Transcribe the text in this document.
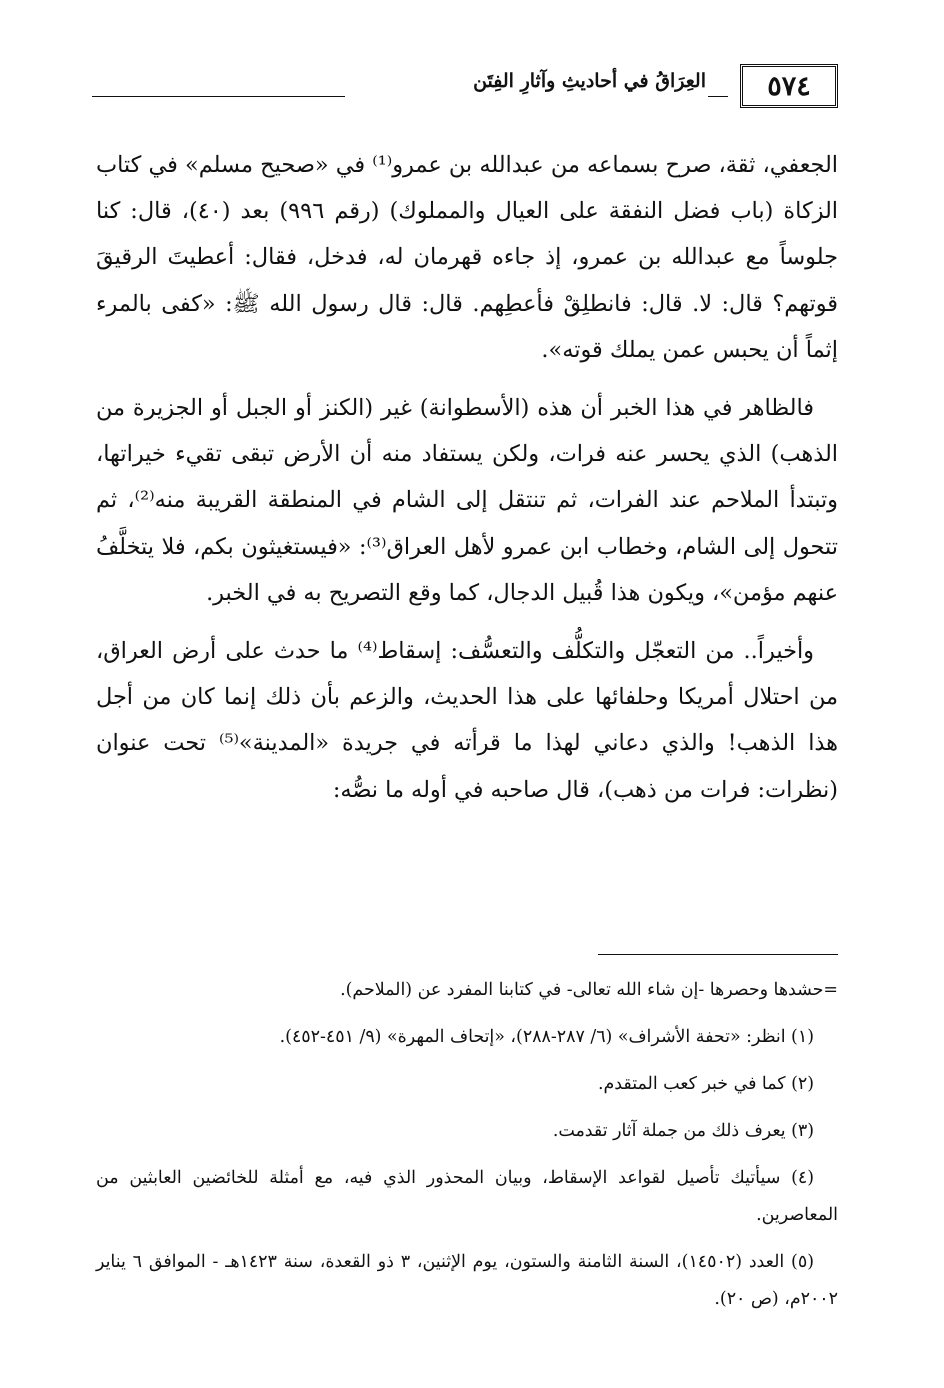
٥٧٤
العِرَاقُ في أحاديثِ وآثارِ الفِتَن

الجعفي، ثقة، صرح بسماعه من عبدالله بن عمرو⁽¹⁾ في «صحيح مسلم» في كتاب الزكاة (باب فضل النفقة على العيال والمملوك) (رقم ٩٩٦) بعد (٤٠)، قال: كنا جلوساً مع عبدالله بن عمرو، إذ جاءه قهرمان له، فدخل، فقال: أعطيتَ الرقيقَ قوتهم؟ قال: لا. قال: فانطلِقْ فأعطِهم. قال: قال رسول الله ﷺ: «كفى بالمرء إثماً أن يحبس عمن يملك قوته».

فالظاهر في هذا الخبر أن هذه (الأسطوانة) غير (الكنز أو الجبل أو الجزيرة من الذهب) الذي يحسر عنه فرات، ولكن يستفاد منه أن الأرض تبقى تقيء خيراتها، وتبتدأ الملاحم عند الفرات، ثم تنتقل إلى الشام في المنطقة القريبة منه⁽²⁾، ثم تتحول إلى الشام، وخطاب ابن عمرو لأهل العراق⁽³⁾: «فيستغيثون بكم، فلا يتخلَّفُ عنهم مؤمن»، ويكون هذا قُبيل الدجال، كما وقع التصريح به في الخبر.

وأخيراً.. من التعجّل والتكلُّف والتعسُّف: إسقاط⁽⁴⁾ ما حدث على أرض العراق، من احتلال أمريكا وحلفائها على هذا الحديث، والزعم بأن ذلك إنما كان من أجل هذا الذهب! والذي دعاني لهذا ما قرأته في جريدة «المدينة»⁽⁵⁾ تحت عنوان (نظرات: فرات من ذهب)، قال صاحبه في أوله ما نصُّه:

=حشدها وحصرها -إن شاء الله تعالى- في كتابنا المفرد عن (الملاحم).

(١) انظر: «تحفة الأشراف» (٦/ ٢٨٧-٢٨٨)، «إتحاف المهرة» (٩/ ٤٥١-٤٥٢).

(٢) كما في خبر كعب المتقدم.

(٣) يعرف ذلك من جملة آثار تقدمت.

(٤) سيأتيك تأصيل لقواعد الإسقاط، وبيان المحذور الذي فيه، مع أمثلة للخائضين العابثين من المعاصرين.

(٥) العدد (١٤٥٠٢)، السنة الثامنة والستون، يوم الإثنين، ٣ ذو القعدة، سنة ١٤٢٣هـ - الموافق ٦ يناير ٢٠٠٢م، (ص ٢٠).
